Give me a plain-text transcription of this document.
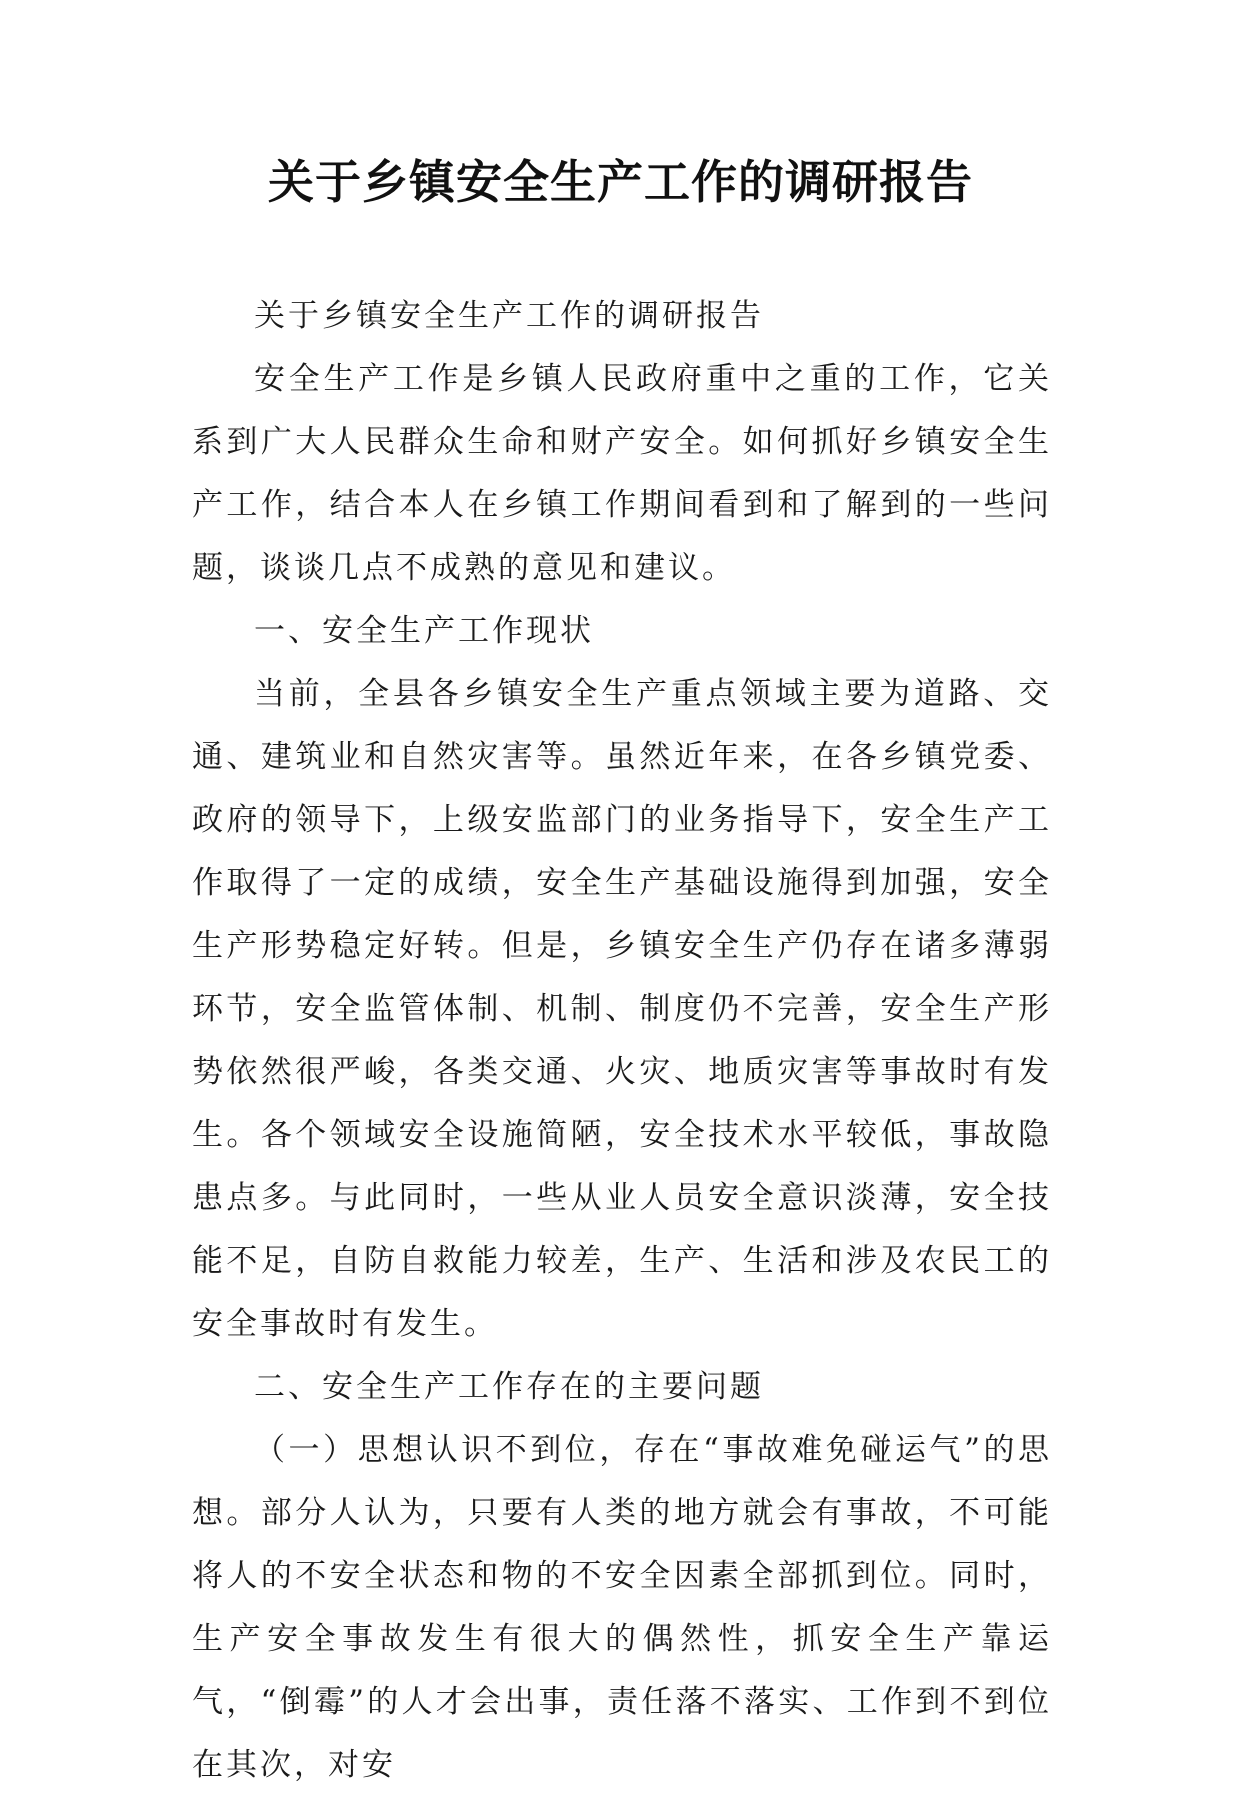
关于乡镇安全生产工作的调研报告

关于乡镇安全生产工作的调研报告

安全生产工作是乡镇人民政府重中之重的工作，它关系到广大人民群众生命和财产安全。如何抓好乡镇安全生产工作，结合本人在乡镇工作期间看到和了解到的一些问题，谈谈几点不成熟的意见和建议。

一、安全生产工作现状

当前，全县各乡镇安全生产重点领域主要为道路、交通、建筑业和自然灾害等。虽然近年来，在各乡镇党委、政府的领导下，上级安监部门的业务指导下，安全生产工作取得了一定的成绩，安全生产基础设施得到加强，安全生产形势稳定好转。但是，乡镇安全生产仍存在诸多薄弱环节，安全监管体制、机制、制度仍不完善，安全生产形势依然很严峻，各类交通、火灾、地质灾害等事故时有发生。各个领域安全设施简陋，安全技术水平较低，事故隐患点多。与此同时，一些从业人员安全意识淡薄，安全技能不足，自防自救能力较差，生产、生活和涉及农民工的安全事故时有发生。

二、安全生产工作存在的主要问题

（一）思想认识不到位，存在“事故难免碰运气”的思想。部分人认为，只要有人类的地方就会有事故，不可能将人的不安全状态和物的不安全因素全部抓到位。同时，生产安全事故发生有很大的偶然性，抓安全生产靠运气，“倒霉”的人才会出事，责任落不落实、工作到不到位在其次，对安
